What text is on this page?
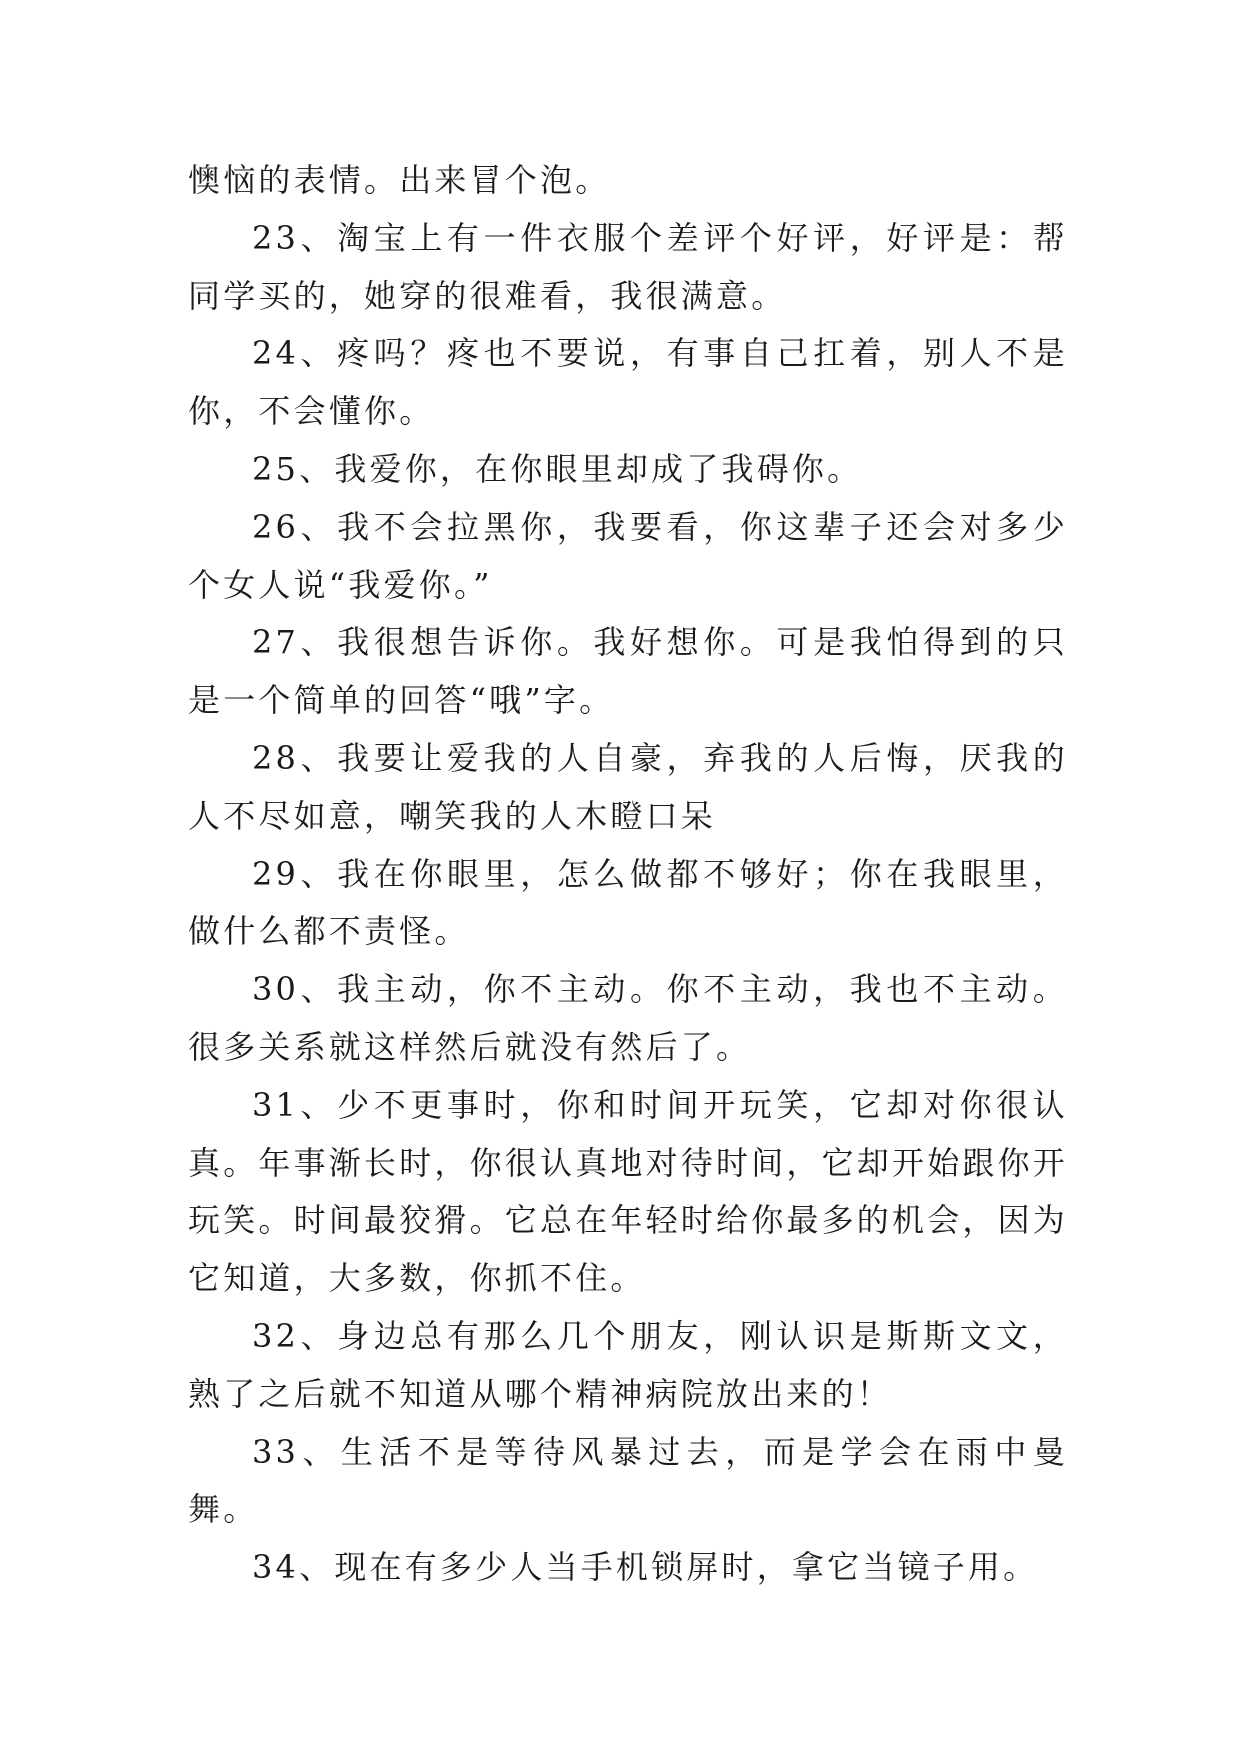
懊恼的表情。出来冒个泡。

23、淘宝上有一件衣服个差评个好评，好评是：帮同学买的，她穿的很难看，我很满意。

24、疼吗？疼也不要说，有事自己扛着，别人不是你，不会懂你。

25、我爱你，在你眼里却成了我碍你。

26、我不会拉黑你，我要看，你这辈子还会对多少个女人说“我爱你。”

27、我很想告诉你。我好想你。可是我怕得到的只是一个简单的回答“哦”字。

28、我要让爱我的人自豪，弃我的人后悔，厌我的人不尽如意，嘲笑我的人木瞪口呆

29、我在你眼里，怎么做都不够好；你在我眼里，做什么都不责怪。

30、我主动，你不主动。你不主动，我也不主动。很多关系就这样然后就没有然后了。

31、少不更事时，你和时间开玩笑，它却对你很认真。年事渐长时，你很认真地对待时间，它却开始跟你开玩笑。时间最狡猾。它总在年轻时给你最多的机会，因为它知道，大多数，你抓不住。

32、身边总有那么几个朋友，刚认识是斯斯文文，熟了之后就不知道从哪个精神病院放出来的！

33、生活不是等待风暴过去，而是学会在雨中曼舞。

34、现在有多少人当手机锁屏时，拿它当镜子用。
